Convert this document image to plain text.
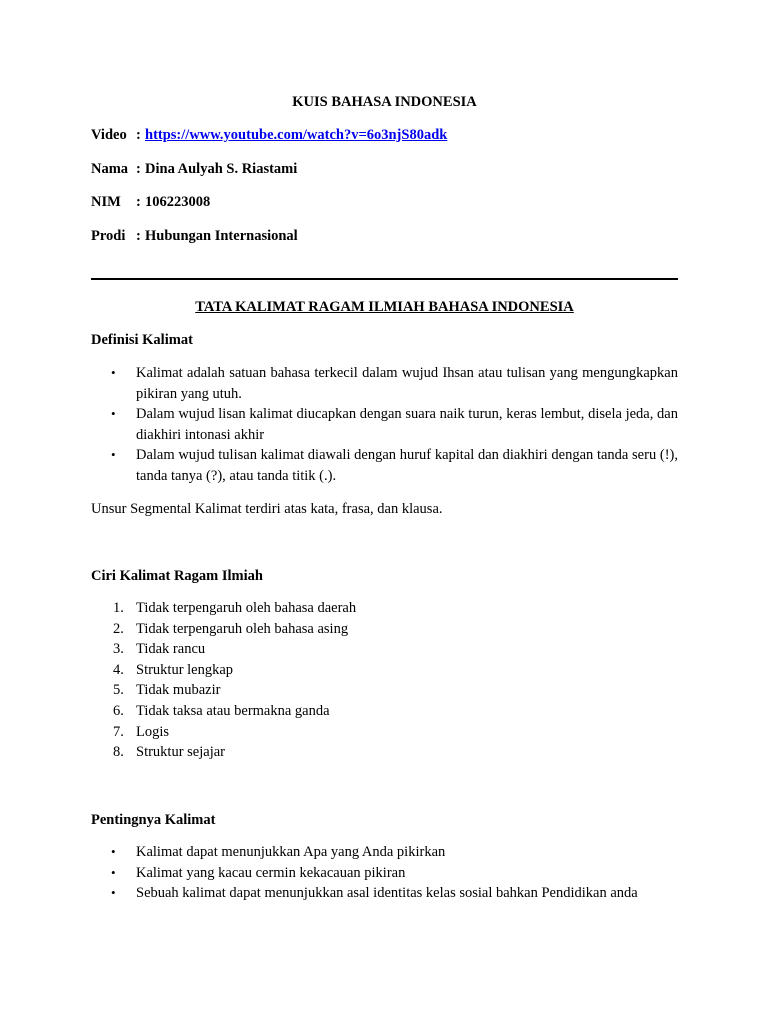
KUIS BAHASA INDONESIA
Video : https://www.youtube.com/watch?v=6o3njS80adk
Nama : Dina Aulyah S. Riastami
NIM	: 106223008
Prodi : Hubungan Internasional
TATA KALIMAT RAGAM ILMIAH BAHASA INDONESIA
Definisi Kalimat
• Kalimat adalah satuan bahasa terkecil dalam wujud Ihsan atau tulisan yang mengungkapkan pikiran yang utuh.
• Dalam wujud lisan kalimat diucapkan dengan suara naik turun, keras lembut, disela jeda, dan diakhiri intonasi akhir
• Dalam wujud tulisan kalimat diawali dengan huruf kapital dan diakhiri dengan tanda seru (!), tanda tanya (?), atau tanda titik (.).
Unsur Segmental Kalimat terdiri atas kata, frasa, dan klausa.
Ciri Kalimat Ragam Ilmiah
1. Tidak terpengaruh oleh bahasa daerah
2. Tidak terpengaruh oleh bahasa asing
3. Tidak rancu
4. Struktur lengkap
5. Tidak mubazir
6. Tidak taksa atau bermakna ganda
7. Logis
8. Struktur sejajar
Pentingnya Kalimat
• Kalimat dapat menunjukkan Apa yang Anda pikirkan
• Kalimat yang kacau cermin kekacauan pikiran
• Sebuah kalimat dapat menunjukkan asal identitas kelas sosial bahkan Pendidikan anda
